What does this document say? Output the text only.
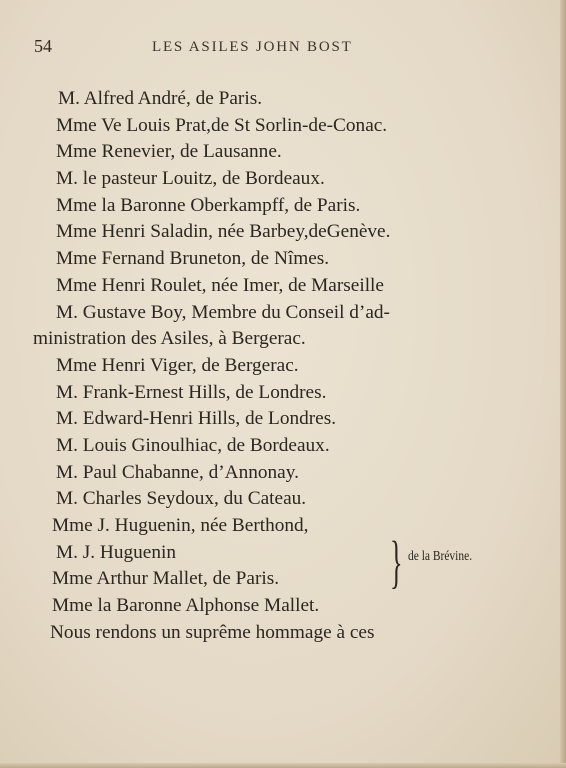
54	LES ASILES JOHN BOST
M. Alfred André, de Paris.
Mme Ve Louis Prat,de St Sorlin-de-Conac.
Mme Renevier, de Lausanne.
M. le pasteur Louitz, de Bordeaux.
Mme la Baronne Oberkampff, de Paris.
Mme Henri Saladin, née Barbey,deGenève.
Mme Fernand Bruneton, de Nîmes.
Mme Henri Roulet, née Imer, de Marseille
M. Gustave Boy, Membre du Conseil d’ad-
ministration des Asiles, à Bergerac.
Mme Henri Viger, de Bergerac.
M. Frank-Ernest Hills, de Londres.
M. Edward-Henri Hills, de Londres.
M. Louis Ginoulhiac, de Bordeaux.
M. Paul Chabanne, d’Annonay.
M. Charles Seydoux, du Cateau.
Mme J. Huguenin, née Berthond,
M. J. Huguenin
Mme Arthur Mallet, de Paris.
Mme la Baronne Alphonse Mallet.
Nous rendons un suprême hommage à ces
} de la Brévine.
